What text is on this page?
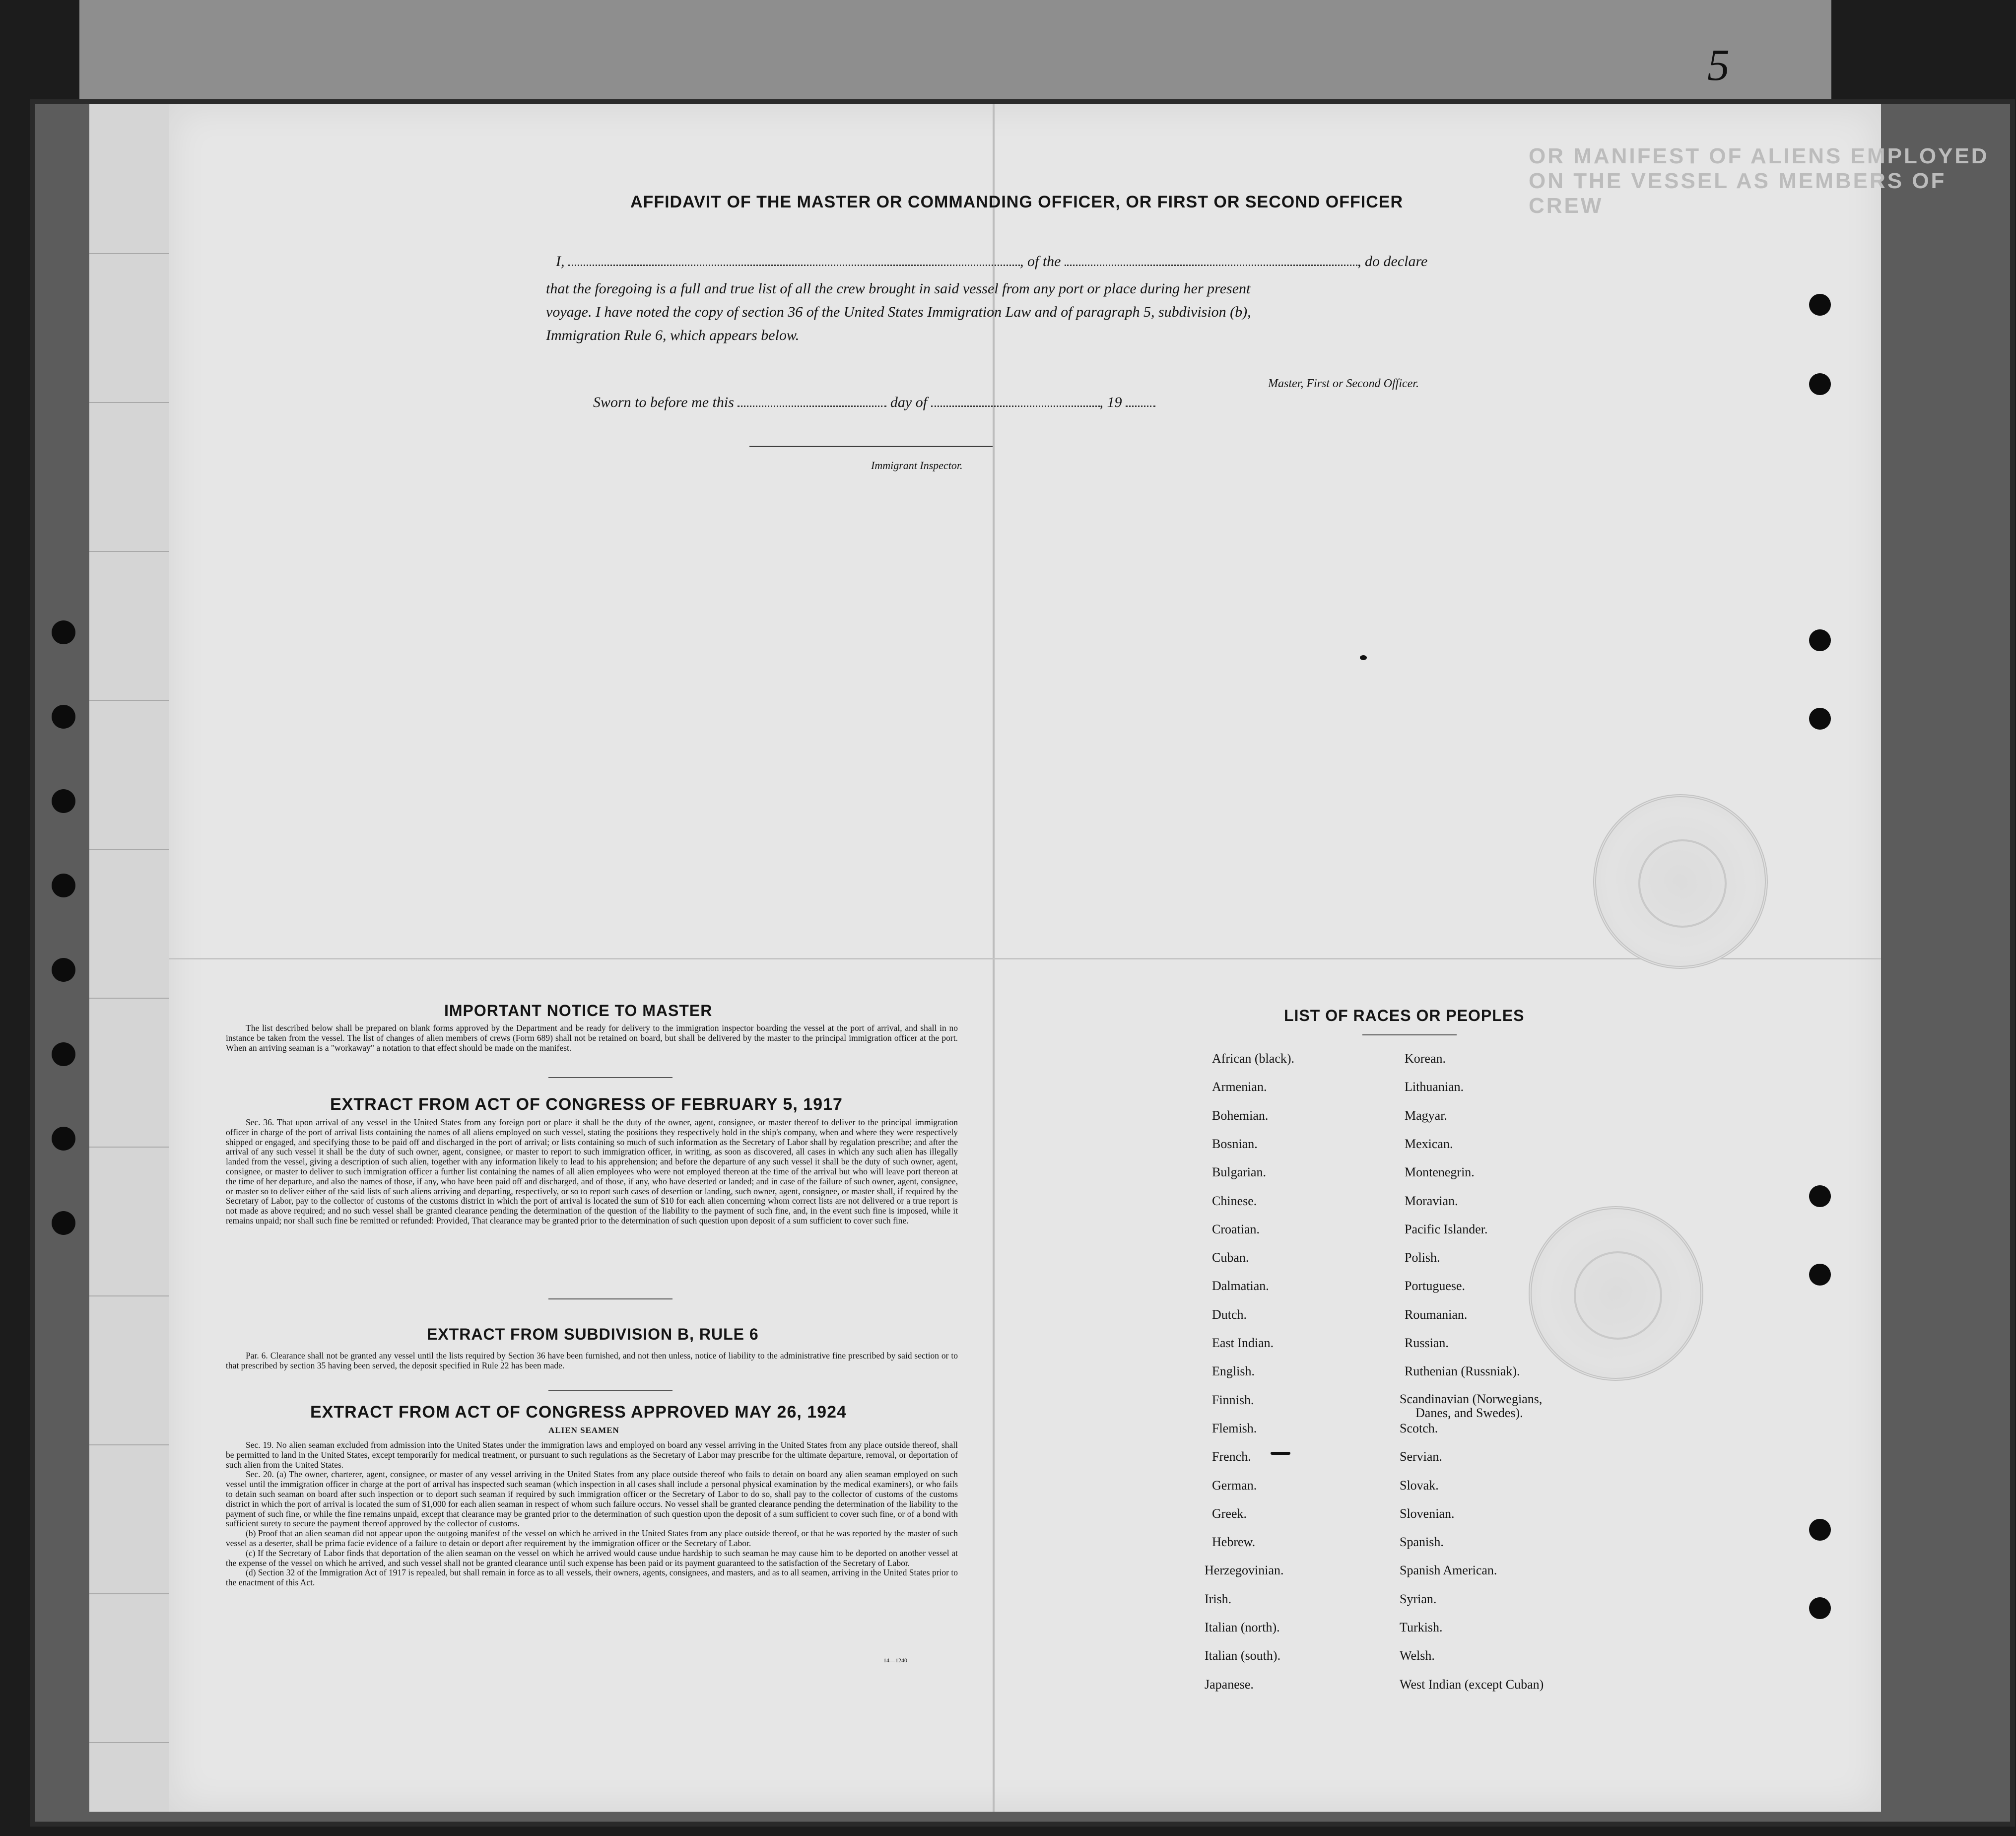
5
OR MANIFEST OF ALIENS EMPLOYED ON THE VESSEL AS MEMBERS OF CREW
AFFIDAVIT OF THE MASTER OR COMMANDING OFFICER, OR FIRST OR SECOND OFFICER
I,	, of the	, do declare
that the foregoing is a full and true list of all the crew brought in said vessel from any port or place during her present
voyage. I have noted the copy of section 36 of the United States Immigration Law and of paragraph 5, subdivision (b),
Immigration Rule 6, which appears below.
Master, First or Second Officer.
Sworn to before me this	day of	, 19
Immigrant Inspector.
IMPORTANT NOTICE TO MASTER

The list described below shall be prepared on blank forms approved by the Department and be ready for delivery to the immigration inspector boarding the vessel at the port of arrival, and shall in no instance be taken from the vessel. The list of changes of alien members of crews (Form 689) shall not be retained on board, but shall be delivered by the master to the principal immigration officer at the port. When an arriving seaman is a "workaway" a notation to that effect should be made on the manifest.

EXTRACT FROM ACT OF CONGRESS OF FEBRUARY 5, 1917

Sec. 36. That upon arrival of any vessel in the United States from any foreign port or place it shall be the duty of the owner, agent, consignee, or master thereof to deliver to the principal immigration officer in charge of the port of arrival lists containing the names of all aliens employed on such vessel, stating the positions they respectively hold in the ship's company, when and where they were respectively shipped or engaged, and specifying those to be paid off and discharged in the port of arrival; or lists containing so much of such information as the Secretary of Labor shall by regulation prescribe; and after the arrival of any such vessel it shall be the duty of such owner, agent, consignee, or master to report to such immigration officer, in writing, as soon as discovered, all cases in which any such alien has illegally landed from the vessel, giving a description of such alien, together with any information likely to lead to his apprehension; and before the departure of any such vessel it shall be the duty of such owner, agent, consignee, or master to deliver to such immigration officer a further list containing the names of all alien employees who were not employed thereon at the time of the arrival but who will leave port thereon at the time of her departure, and also the names of those, if any, who have been paid off and discharged, and of those, if any, who have deserted or landed; and in case of the failure of such owner, agent, consignee, or master so to deliver either of the said lists of such aliens arriving and departing, respectively, or so to report such cases of desertion or landing, such owner, agent, consignee, or master shall, if required by the Secretary of Labor, pay to the collector of customs of the customs district in which the port of arrival is located the sum of $10 for each alien concerning whom correct lists are not delivered or a true report is not made as above required; and no such vessel shall be granted clearance pending the determination of the question of the liability to the payment of such fine, and, in the event such fine is imposed, while it remains unpaid; nor shall such fine be remitted or refunded: Provided, That clearance may be granted prior to the determination of such question upon deposit of a sum sufficient to cover such fine.

EXTRACT FROM SUBDIVISION B, RULE 6

Par. 6. Clearance shall not be granted any vessel until the lists required by Section 36 have been furnished, and not then unless, notice of liability to the administrative fine prescribed by said section or to that prescribed by section 35 having been served, the deposit specified in Rule 22 has been made.

EXTRACT FROM ACT OF CONGRESS APPROVED MAY 26, 1924
ALIEN SEAMEN

Sec. 19. No alien seaman excluded from admission into the United States under the immigration laws and employed on board any vessel arriving in the United States from any place outside thereof, shall be permitted to land in the United States, except temporarily for medical treatment, or pursuant to such regulations as the Secretary of Labor may prescribe for the ultimate departure, removal, or deportation of such alien from the United States.

Sec. 20. (a) The owner, charterer, agent, consignee, or master of any vessel arriving in the United States from any place outside thereof who fails to detain on board any alien seaman employed on such vessel until the immigration officer in charge at the port of arrival has inspected such seaman (which inspection in all cases shall include a personal physical examination by the medical examiners), or who fails to detain such seaman on board after such inspection or to deport such seaman if required by such immigration officer or the Secretary of Labor to do so, shall pay to the collector of customs of the customs district in which the port of arrival is located the sum of $1,000 for each alien seaman in respect of whom such failure occurs. No vessel shall be granted clearance pending the determination of the liability to the payment of such fine, or while the fine remains unpaid, except that clearance may be granted prior to the determination of such question upon the deposit of a sum sufficient to cover such fine, or of a bond with sufficient surety to secure the payment thereof approved by the collector of customs.

(b) Proof that an alien seaman did not appear upon the outgoing manifest of the vessel on which he arrived in the United States from any place outside thereof, or that he was reported by the master of such vessel as a deserter, shall be prima facie evidence of a failure to detain or deport after requirement by the immigration officer or the Secretary of Labor.

(c) If the Secretary of Labor finds that deportation of the alien seaman on the vessel on which he arrived would cause undue hardship to such seaman he may cause him to be deported on another vessel at the expense of the vessel on which he arrived, and such vessel shall not be granted clearance until such expense has been paid or its payment guaranteed to the satisfaction of the Secretary of Labor.

(d) Section 32 of the Immigration Act of 1917 is repealed, but shall remain in force as to all vessels, their owners, agents, consignees, and masters, and as to all seamen, arriving in the United States prior to the enactment of this Act.

14—1240
LIST OF RACES OR PEOPLES
African (black).
Armenian.
Bohemian.
Bosnian.
Bulgarian.
Chinese.
Croatian.
Cuban.
Dalmatian.
Dutch.
East Indian.
English.
Finnish.
Flemish.
French.
German.
Greek.
Hebrew.
Herzegovinian.
Irish.
Italian (north).
Italian (south).
Japanese.
Korean.
Lithuanian.
Magyar.
Mexican.
Montenegrin.
Moravian.
Pacific Islander.
Polish.
Portuguese.
Roumanian.
Russian.
Ruthenian (Russniak).
Scandinavian (Norwegians,
Danes, and Swedes).
Scotch.
Servian.
Slovak.
Slovenian.
Spanish.
Spanish American.
Syrian.
Turkish.
Welsh.
West Indian (except Cuban)
